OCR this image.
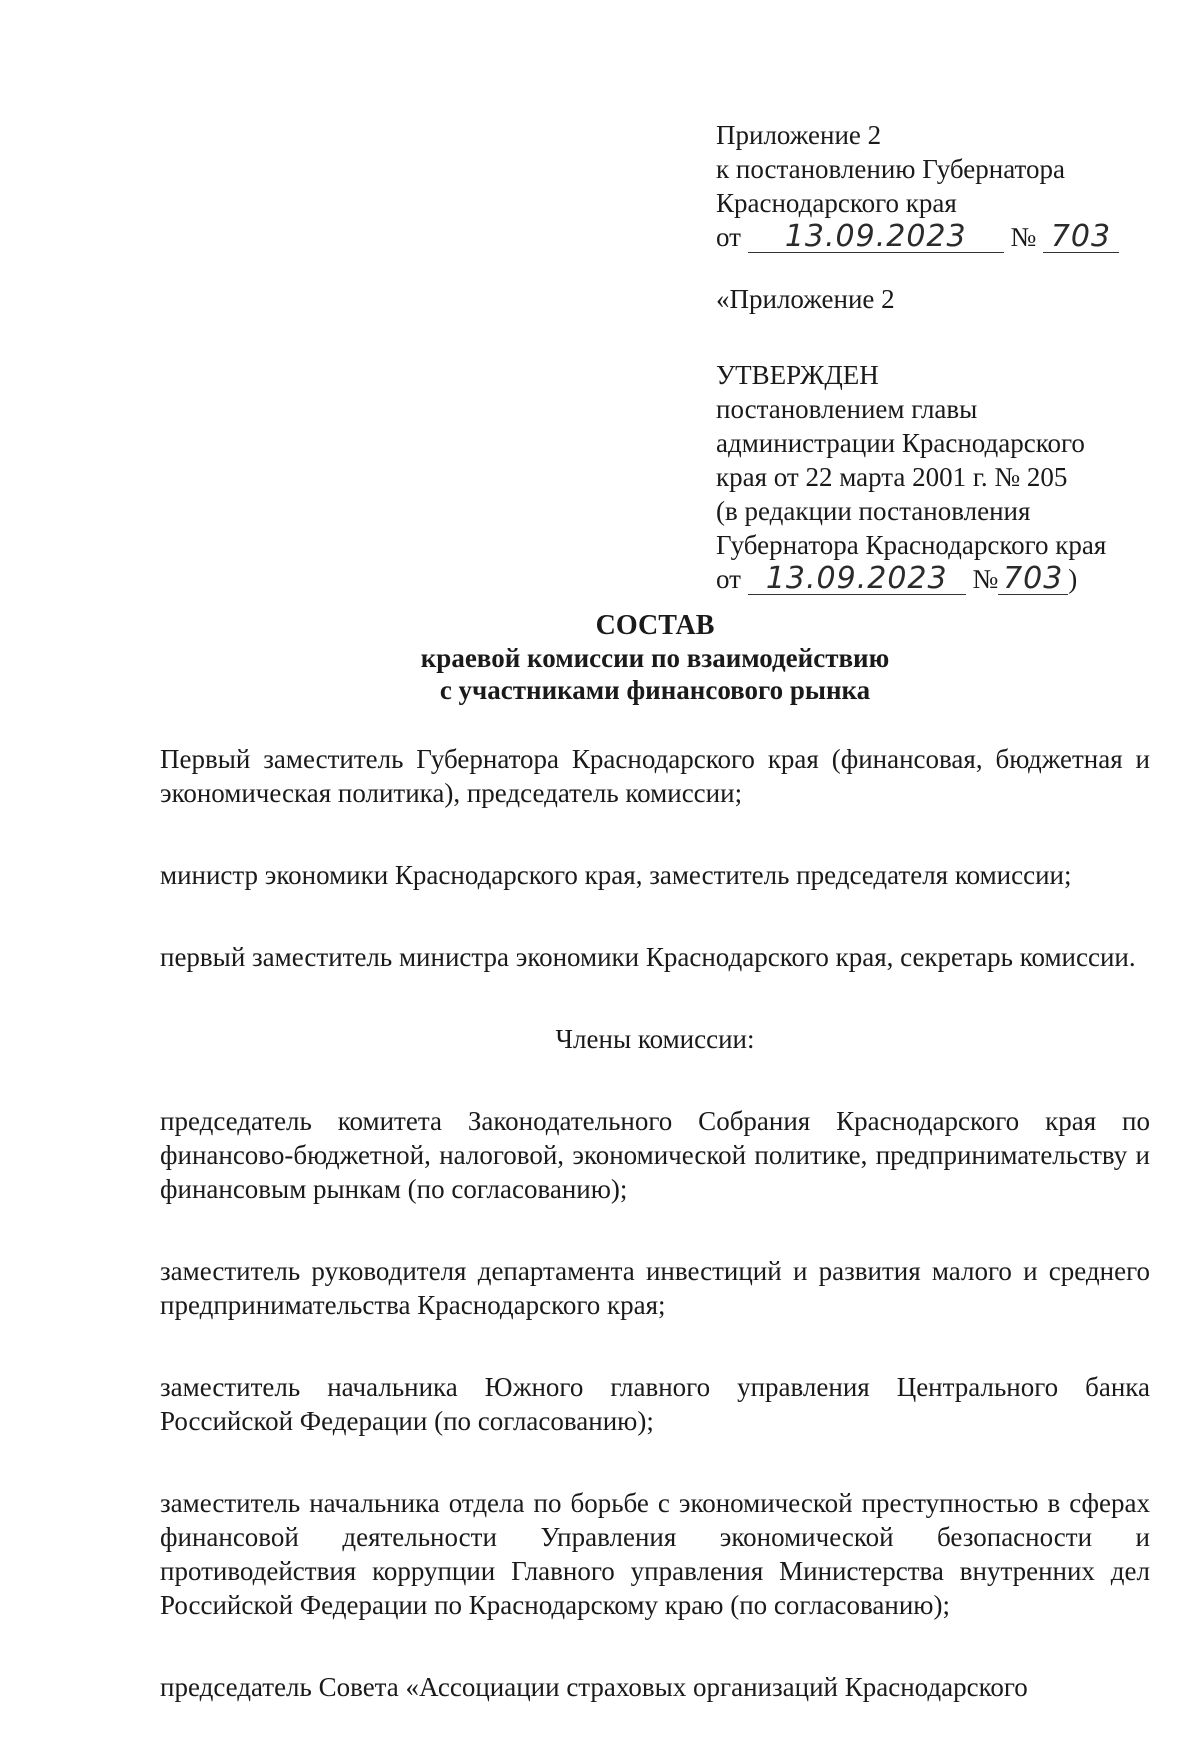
Приложение 2
к постановлению Губернатора
Краснодарского края
от 13.09.2023 № 703
«Приложение 2
УТВЕРЖДЕН
постановлением главы
администрации Краснодарского
края от 22 марта 2001 г. № 205
(в редакции постановления
Губернатора Краснодарского края
от 13.09.2023 № 703 )
СОСТАВ
краевой комиссии по взаимодействию
с участниками финансового рынка

Первый заместитель Губернатора Краснодарского края (финансовая, бюджетная и экономическая политика), председатель комиссии;

министр экономики Краснодарского края, заместитель председателя комиссии;

первый заместитель министра экономики Краснодарского края, секретарь комиссии.

Члены комиссии:

председатель комитета Законодательного Собрания Краснодарского края по финансово-бюджетной, налоговой, экономической политике, предпринимательству и финансовым рынкам (по согласованию);

заместитель руководителя департамента инвестиций и развития малого и среднего предпринимательства Краснодарского края;

заместитель начальника Южного главного управления Центрального банка Российской Федерации (по согласованию);

заместитель начальника отдела по борьбе с экономической преступностью в сферах финансовой деятельности Управления экономической безопасности и противодействия коррупции Главного управления Министерства внутренних дел Российской Федерации по Краснодарскому краю (по согласованию);

председатель Совета «Ассоциации страховых организаций Краснодарского
